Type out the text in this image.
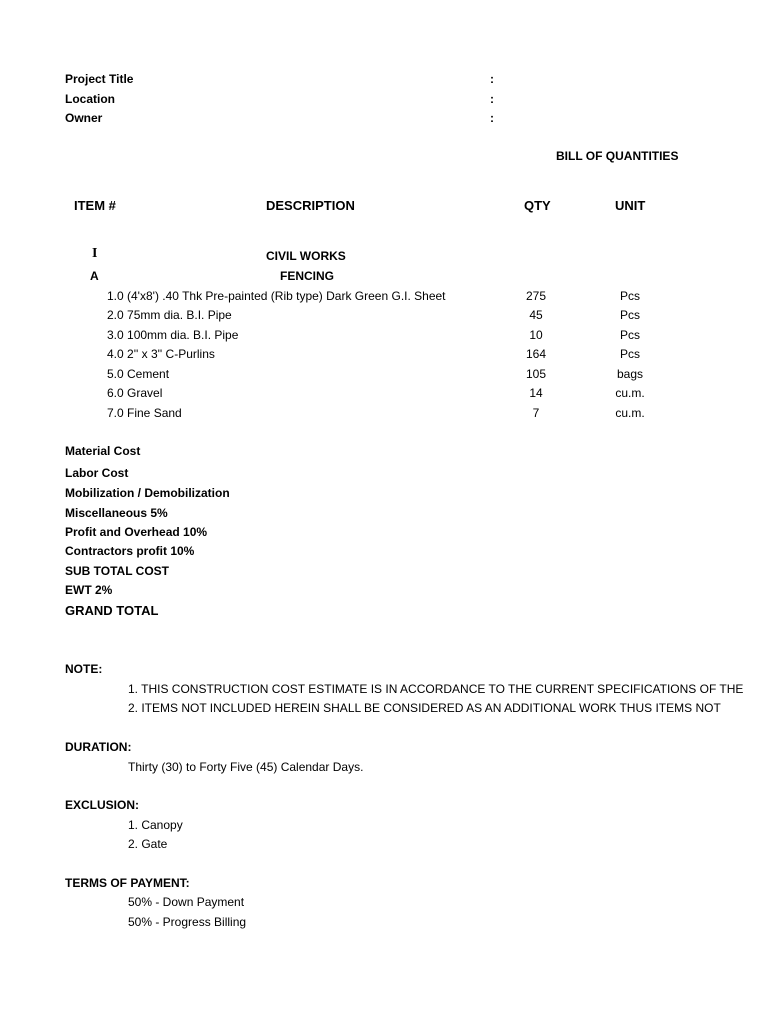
Project Title	:
Location	:
Owner	:
BILL OF QUANTITIES
ITEM #	DESCRIPTION	QTY	UNIT
I	CIVIL WORKS
A	FENCING
1.0 (4'x8') .40 Thk Pre-painted (Rib type) Dark Green G.I. Sheet	275	Pcs
2.0 75mm dia. B.I. Pipe	45	Pcs
3.0 100mm dia. B.I. Pipe	10	Pcs
4.0 2'' x 3'' C-Purlins	164	Pcs
5.0 Cement	105	bags
6.0 Gravel	14	cu.m.
7.0 Fine Sand	7	cu.m.
Material Cost
Labor Cost
Mobilization / Demobilization
Miscellaneous 5%
Profit and Overhead 10%
Contractors profit 10%
SUB TOTAL COST
EWT 2%
GRAND TOTAL
NOTE:
1. THIS CONSTRUCTION COST ESTIMATE IS IN ACCORDANCE TO THE CURRENT SPECIFICATIONS OF THE
2. ITEMS NOT INCLUDED HEREIN SHALL BE CONSIDERED AS AN ADDITIONAL WORK THUS ITEMS NOT
DURATION:
Thirty (30) to Forty Five (45) Calendar Days.
EXCLUSION:
1. Canopy
2. Gate
TERMS OF PAYMENT:
50% - Down Payment
50% - Progress Billing
